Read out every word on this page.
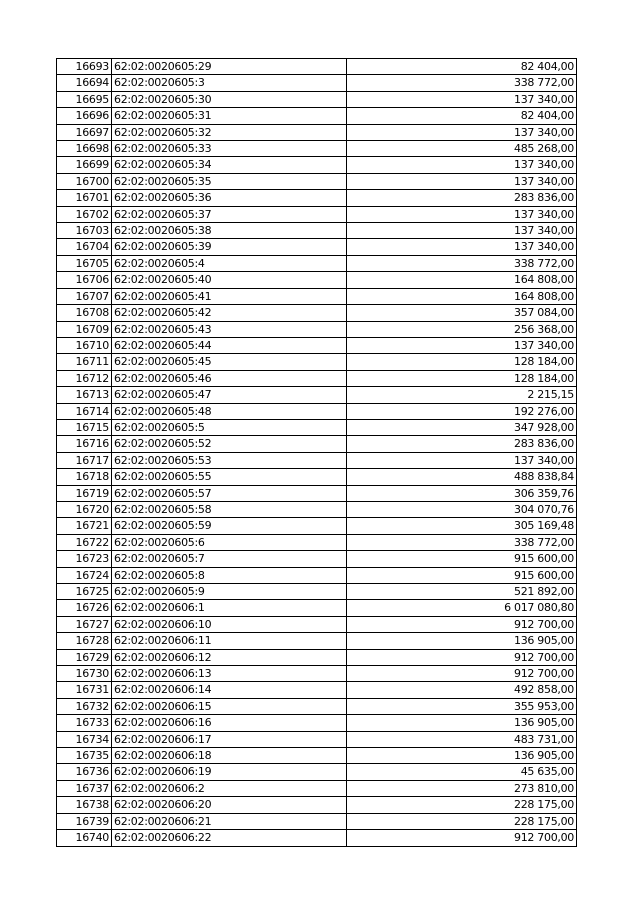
16693	62:02:0020605:29	82 404,00
16694	62:02:0020605:3	338 772,00
16695	62:02:0020605:30	137 340,00
16696	62:02:0020605:31	82 404,00
16697	62:02:0020605:32	137 340,00
16698	62:02:0020605:33	485 268,00
16699	62:02:0020605:34	137 340,00
16700	62:02:0020605:35	137 340,00
16701	62:02:0020605:36	283 836,00
16702	62:02:0020605:37	137 340,00
16703	62:02:0020605:38	137 340,00
16704	62:02:0020605:39	137 340,00
16705	62:02:0020605:4	338 772,00
16706	62:02:0020605:40	164 808,00
16707	62:02:0020605:41	164 808,00
16708	62:02:0020605:42	357 084,00
16709	62:02:0020605:43	256 368,00
16710	62:02:0020605:44	137 340,00
16711	62:02:0020605:45	128 184,00
16712	62:02:0020605:46	128 184,00
16713	62:02:0020605:47	2 215,15
16714	62:02:0020605:48	192 276,00
16715	62:02:0020605:5	347 928,00
16716	62:02:0020605:52	283 836,00
16717	62:02:0020605:53	137 340,00
16718	62:02:0020605:55	488 838,84
16719	62:02:0020605:57	306 359,76
16720	62:02:0020605:58	304 070,76
16721	62:02:0020605:59	305 169,48
16722	62:02:0020605:6	338 772,00
16723	62:02:0020605:7	915 600,00
16724	62:02:0020605:8	915 600,00
16725	62:02:0020605:9	521 892,00
16726	62:02:0020606:1	6 017 080,80
16727	62:02:0020606:10	912 700,00
16728	62:02:0020606:11	136 905,00
16729	62:02:0020606:12	912 700,00
16730	62:02:0020606:13	912 700,00
16731	62:02:0020606:14	492 858,00
16732	62:02:0020606:15	355 953,00
16733	62:02:0020606:16	136 905,00
16734	62:02:0020606:17	483 731,00
16735	62:02:0020606:18	136 905,00
16736	62:02:0020606:19	45 635,00
16737	62:02:0020606:2	273 810,00
16738	62:02:0020606:20	228 175,00
16739	62:02:0020606:21	228 175,00
16740	62:02:0020606:22	912 700,00
